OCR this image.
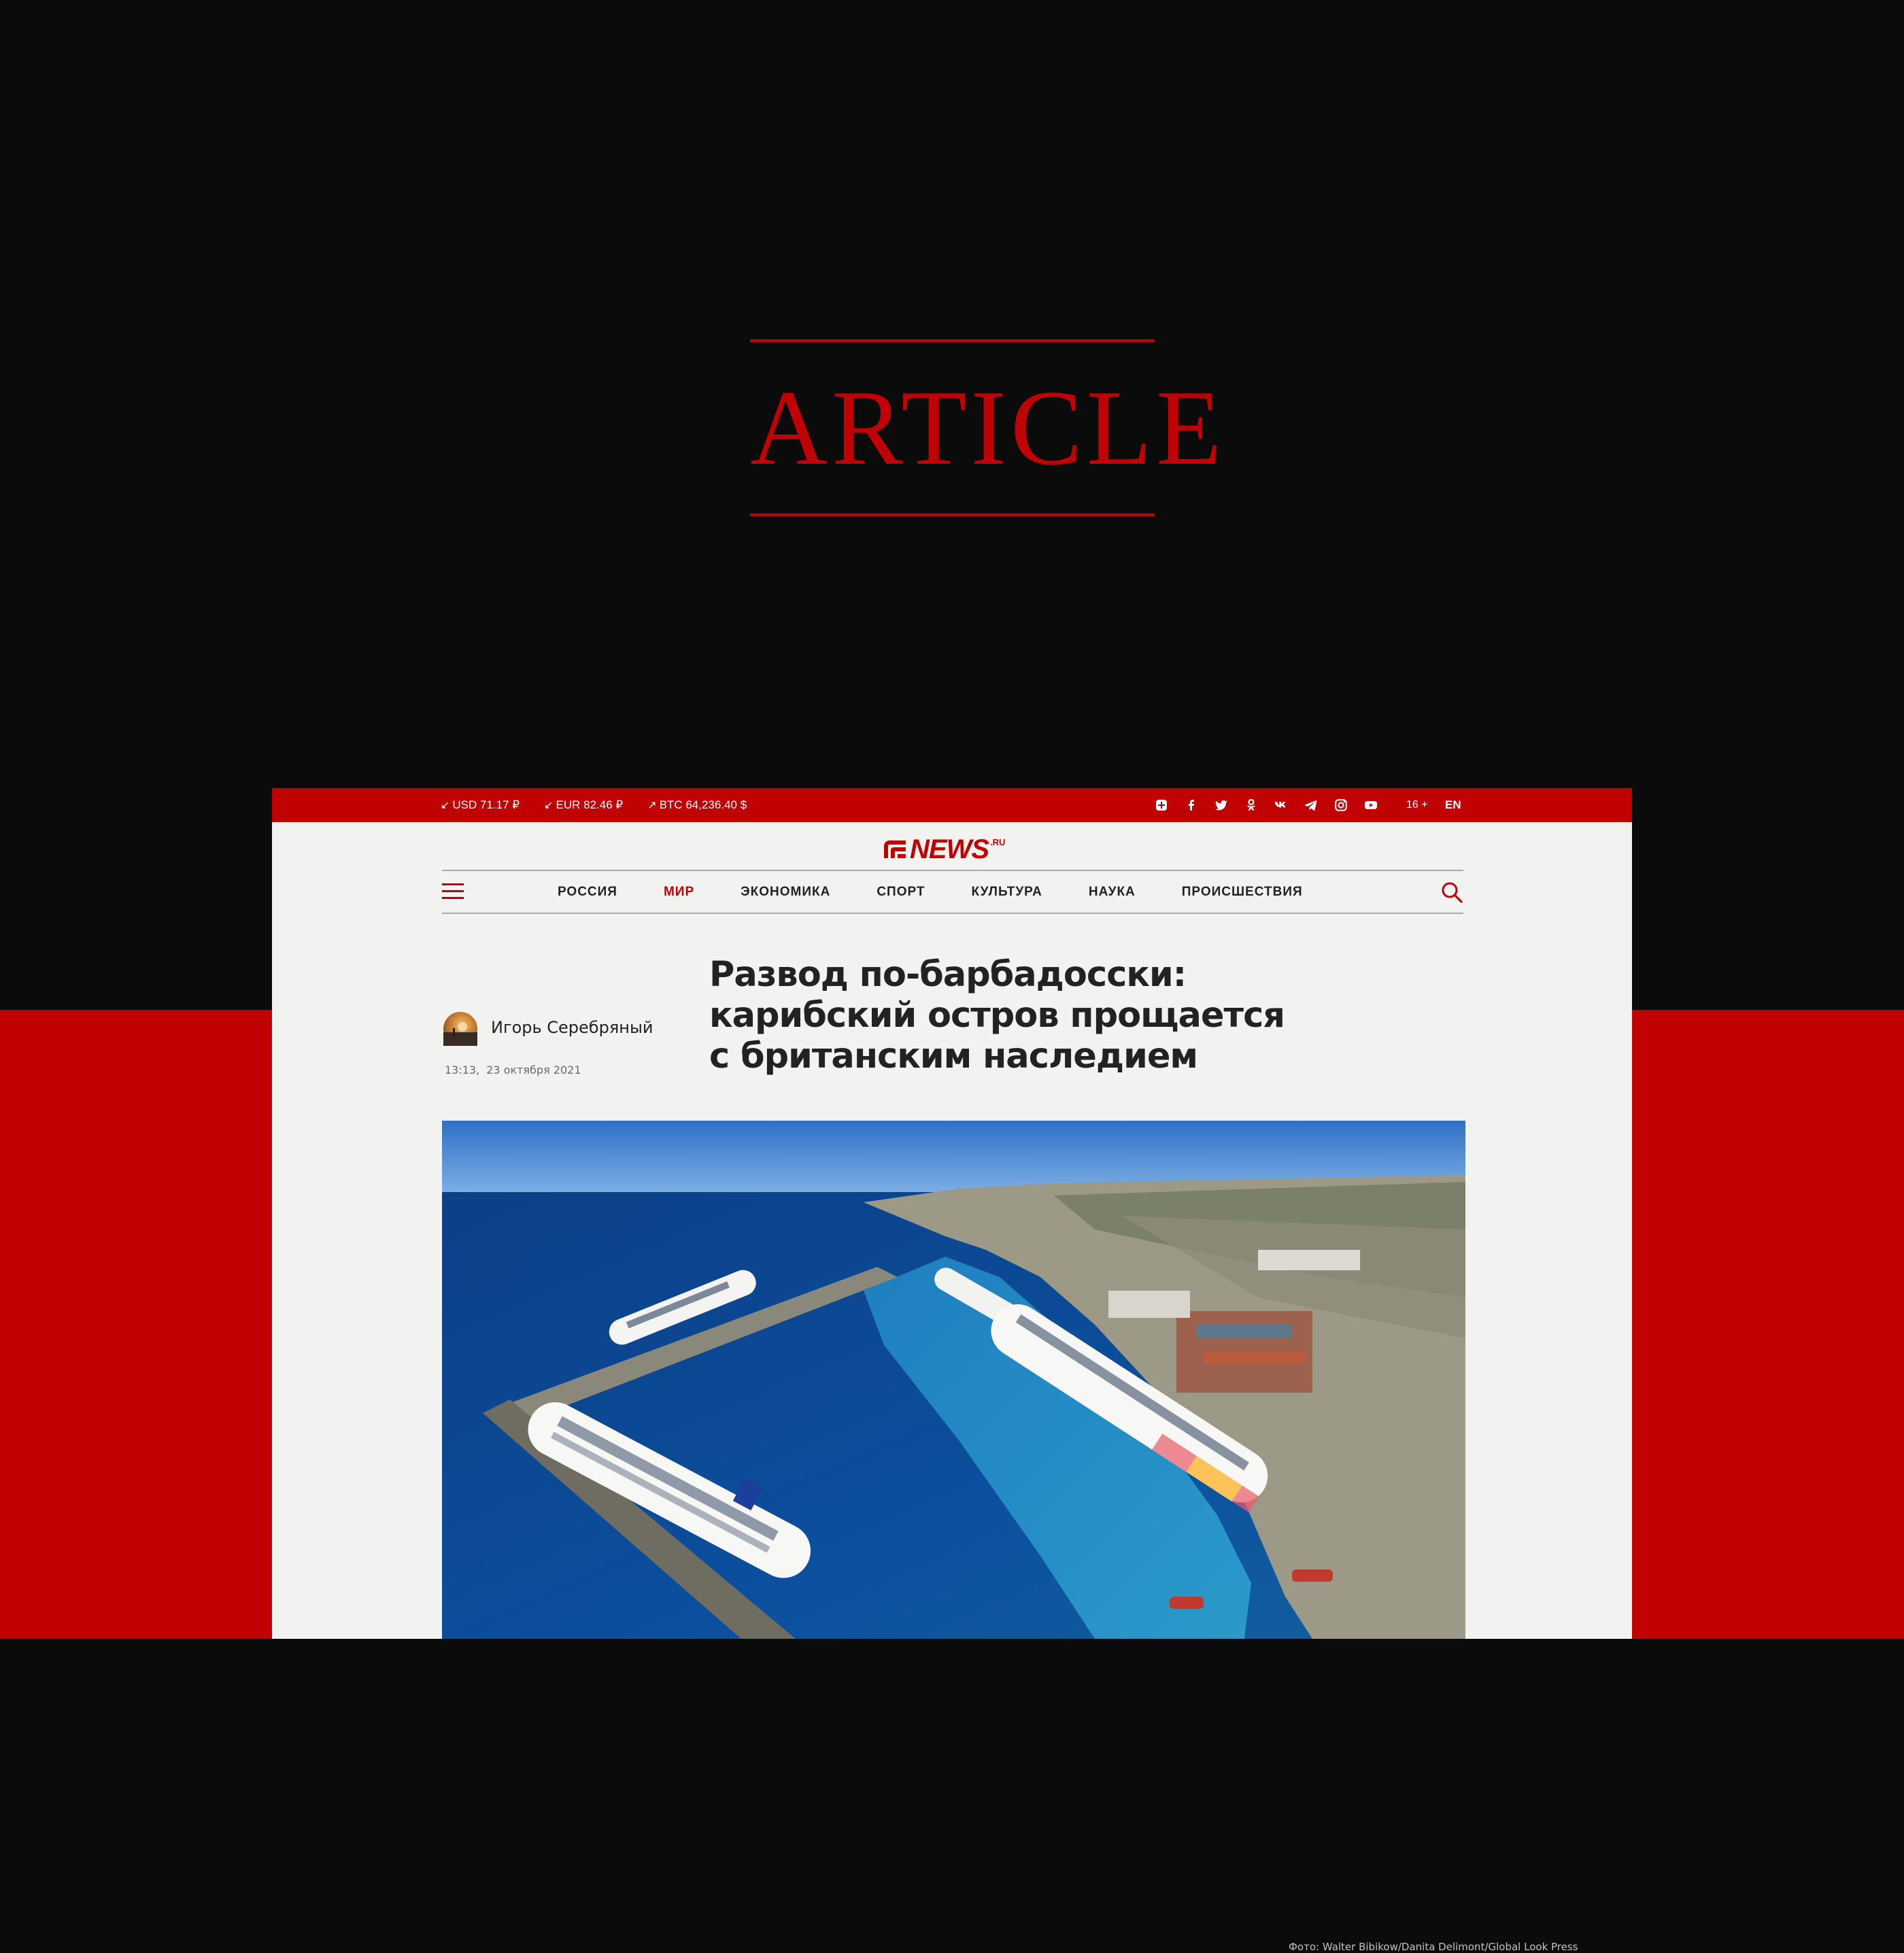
ARTICLE
↙ USD 71.17 ₽ ↙ EUR 82.46 ₽ ↗ BTC 64,236.40 $	16 + EN
NEWS .RU
РОССИЯ	МИР	ЭКОНОМИКА	СПОРТ	КУЛЬТУРА	НАУКА	ПРОИСШЕСТВИЯ
Игорь Серебряный
13:13, 23 октября 2021
Развод по-барбадосски:
карибский остров прощается
с британским наследием
Фото: Walter Bibikow/Danita Delimont/Global Look Press
